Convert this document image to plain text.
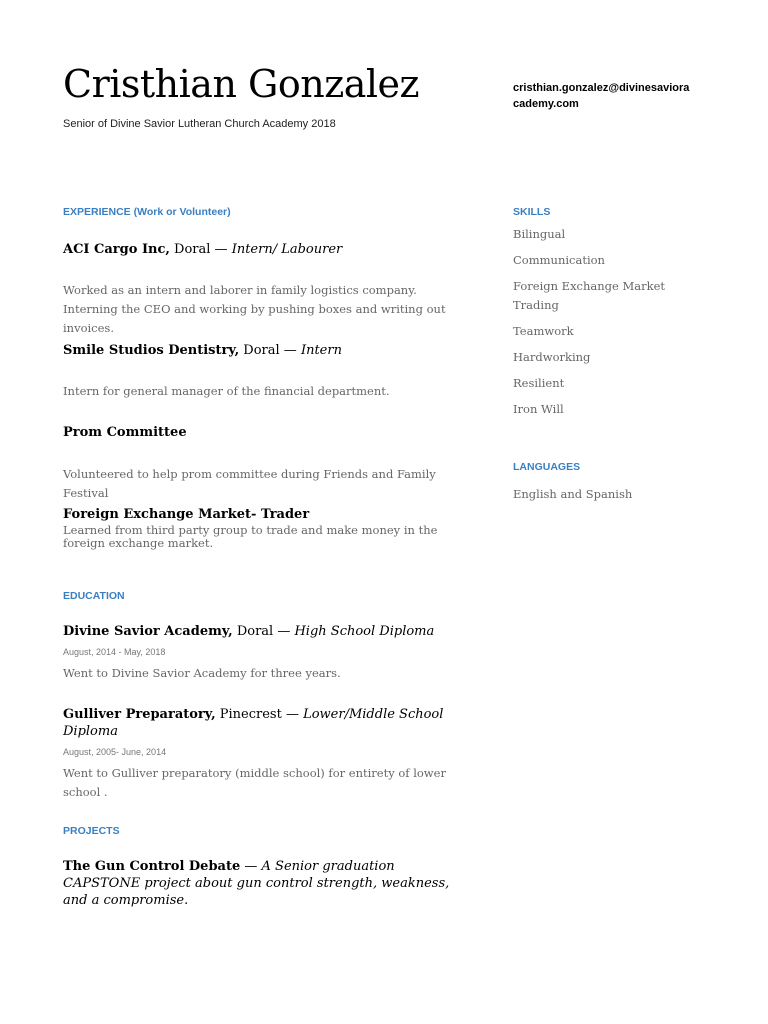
Cristhian Gonzalez
Senior of Divine Savior Lutheran Church Academy 2018
cristhian.gonzalez@divinesavioracademy.com
EXPERIENCE (Work or Volunteer)
ACI Cargo Inc, Doral — Intern/ Labourer

Worked as an intern and laborer in family logistics company. Interning the CEO and working by pushing boxes and writing out invoices.

Smile Studios Dentistry, Doral — Intern

Intern for general manager of the financial department.

Prom Committee

Volunteered to help prom committee during Friends and Family Festival

Foreign Exchange Market- Trader

Learned from third party group to trade and make money in the foreign exchange market.

EDUCATION
Divine Savior Academy, Doral — High School Diploma
August, 2014 - May, 2018

Went to Divine Savior Academy for three years.

Gulliver Preparatory, Pinecrest — Lower/Middle School Diploma
August, 2005- June, 2014

Went to Gulliver preparatory (middle school) for entirety of lower school .

PROJECTS
The Gun Control Debate — A Senior graduation CAPSTONE project about gun control strength, weakness, and a compromise.
SKILLS
Bilingual
Communication
Foreign Exchange Market Trading
Teamwork
Hardworking
Resilient
Iron Will
LANGUAGES
English and Spanish
